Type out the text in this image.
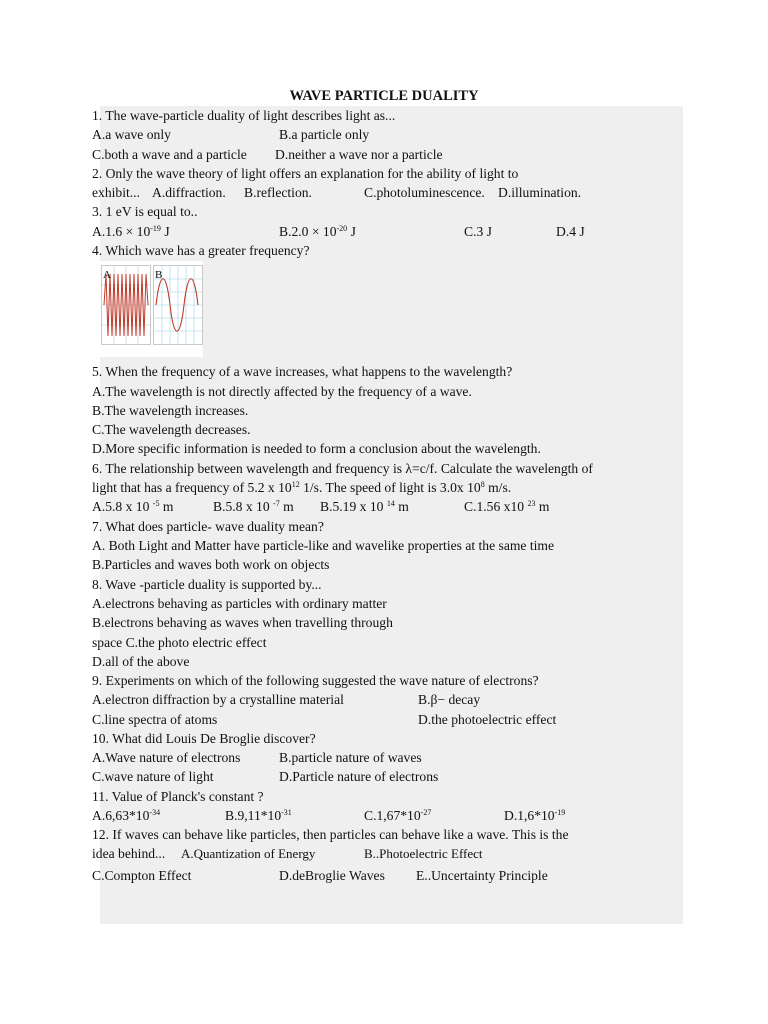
WAVE PARTICLE DUALITY
1. The wave-particle duality of light describes light as...
A.a wave only	B.a particle only
C.both a wave and a particle D.neither a wave nor a particle
2. Only the wave theory of light offers an explanation for the ability of light to
exhibit... A.diffraction. B.reflection.	C.photoluminescence. D.illumination.
3. 1 eV is equal to..
$A.1.6 \times 10^{-19}$ J	$B.2.0 \times 10^{-20}$ J	C.3 J	D.4 J
4. Which wave has a greater frequency?
A	B
5. When the frequency of a wave increases, what happens to the wavelength?
A.The wavelength is not directly affected by the frequency of a wave.
B.The wavelength increases.
C.The wavelength decreases.
D.More specific information is needed to form a conclusion about the wavelength.
6. The relationship between wavelength and frequency is λ=c/f. Calculate the wavelength of
light that has a frequency of 5.2 x $10^{12}$ 1/s. The speed of light is 3.0x $10^8$ m/s.
A.5.8 x 10 $^{-5}$ m	B.5.8 x 10 $^{-7}$ m B.5.19 x 10 $^{14}$ m	C.1.56 x10 $^{23}$ m
7. What does particle- wave duality mean?
A. Both Light and Matter have particle-like and wavelike properties at the same time
B.Particles and waves both work on objects
8. Wave -particle duality is supported by...
A.electrons behaving as particles with ordinary matter
B.electrons behaving as waves when travelling through
space C.the photo electric effect
D.all of the above
9. Experiments on which of the following suggested the wave nature of electrons?
A.electron diffraction by a crystalline material	B.β− decay
C.line spectra of atoms	D.the photoelectric effect
10. What did Louis De Broglie discover?
A.Wave nature of electrons	B.particle nature of waves
C.wave nature of light	D.Particle nature of electrons
11. Value of Planck's constant ?
$A.6,63*10^{-34}$	$B.9,11*10^{-31}$	$C.1,67*10^{-27}$	$D.1,6*10^{-19}$
12. If waves can behave like particles, then particles can behave like a wave. This is the
idea behind... A.Quantization of Energy	B..Photoelectric Effect
C.Compton Effect	D.deBroglie Waves E..Uncertainty Principle
